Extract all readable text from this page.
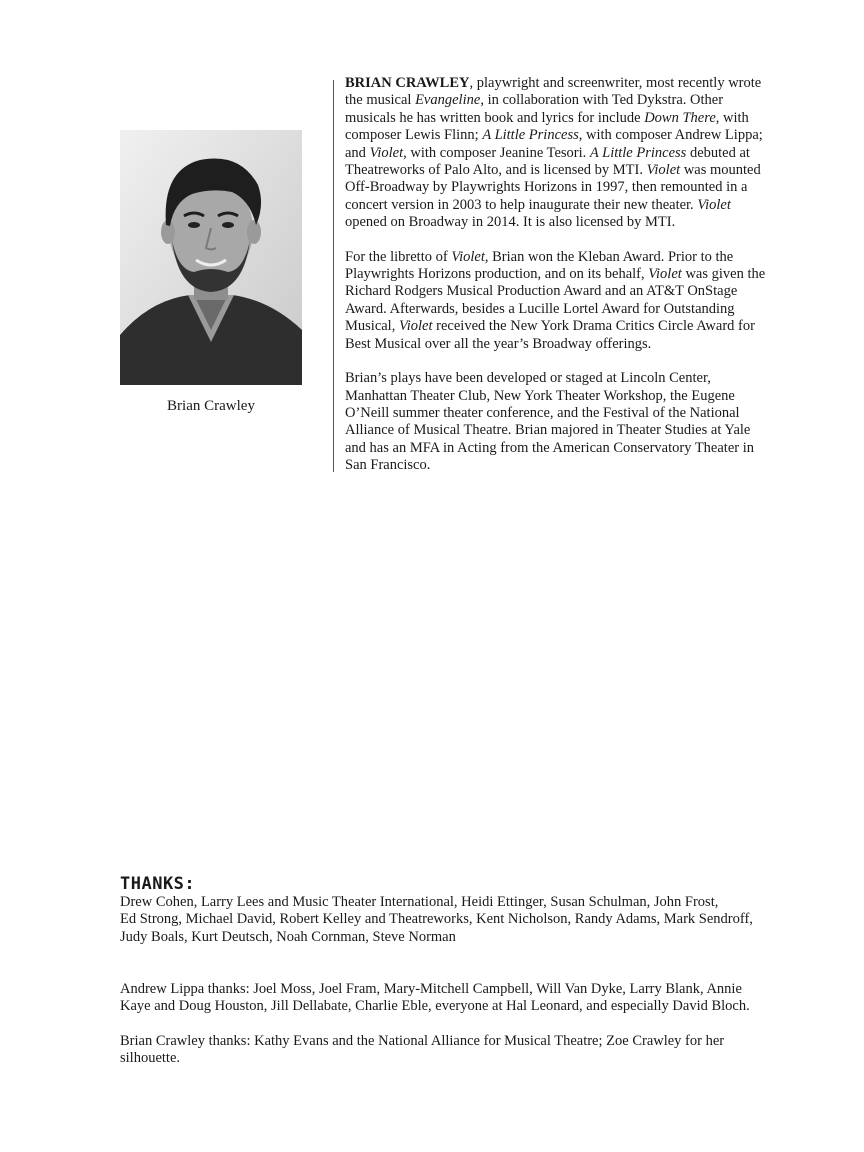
Brian Crawley

BRIAN CRAWLEY, playwright and screenwriter, most recently wrote the musical Evangeline, in collaboration with Ted Dykstra. Other musicals he has written book and lyrics for include Down There, with composer Lewis Flinn; A Little Princess, with composer Andrew Lippa; and Violet, with composer Jeanine Tesori. A Little Princess debuted at Theatreworks of Palo Alto, and is licensed by MTI. Violet was mounted Off-Broadway by Playwrights Horizons in 1997, then remounted in a concert version in 2003 to help inaugurate their new theater. Violet opened on Broadway in 2014. It is also licensed by MTI.

For the libretto of Violet, Brian won the Kleban Award. Prior to the Playwrights Horizons production, and on its behalf, Violet was given the Richard Rodgers Musical Production Award and an AT&T OnStage Award. Afterwards, besides a Lucille Lortel Award for Outstanding Musical, Violet received the New York Drama Critics Circle Award for Best Musical over all the year’s Broadway offerings.

Brian’s plays have been developed or staged at Lincoln Center, Manhattan Theater Club, New York Theater Workshop, the Eugene O’Neill summer theater conference, and the Festival of the National Alliance of Musical Theatre. Brian majored in Theater Studies at Yale and has an MFA in Acting from the American Conservatory Theater in San Francisco.

THANKS:

Drew Cohen, Larry Lees and Music Theater International, Heidi Ettinger, Susan Schulman, John Frost,

Ed Strong, Michael David, Robert Kelley and Theatreworks, Kent Nicholson, Randy Adams, Mark Sendroff,

Judy Boals, Kurt Deutsch, Noah Cornman, Steve Norman

Andrew Lippa thanks: Joel Moss, Joel Fram, Mary-Mitchell Campbell, Will Van Dyke, Larry Blank, Annie
Kaye and Doug Houston, Jill Dellabate, Charlie Eble, everyone at Hal Leonard, and especially David Bloch.
Brian Crawley thanks: Kathy Evans and the National Alliance for Musical Theatre; Zoe Crawley for her silhouette.
